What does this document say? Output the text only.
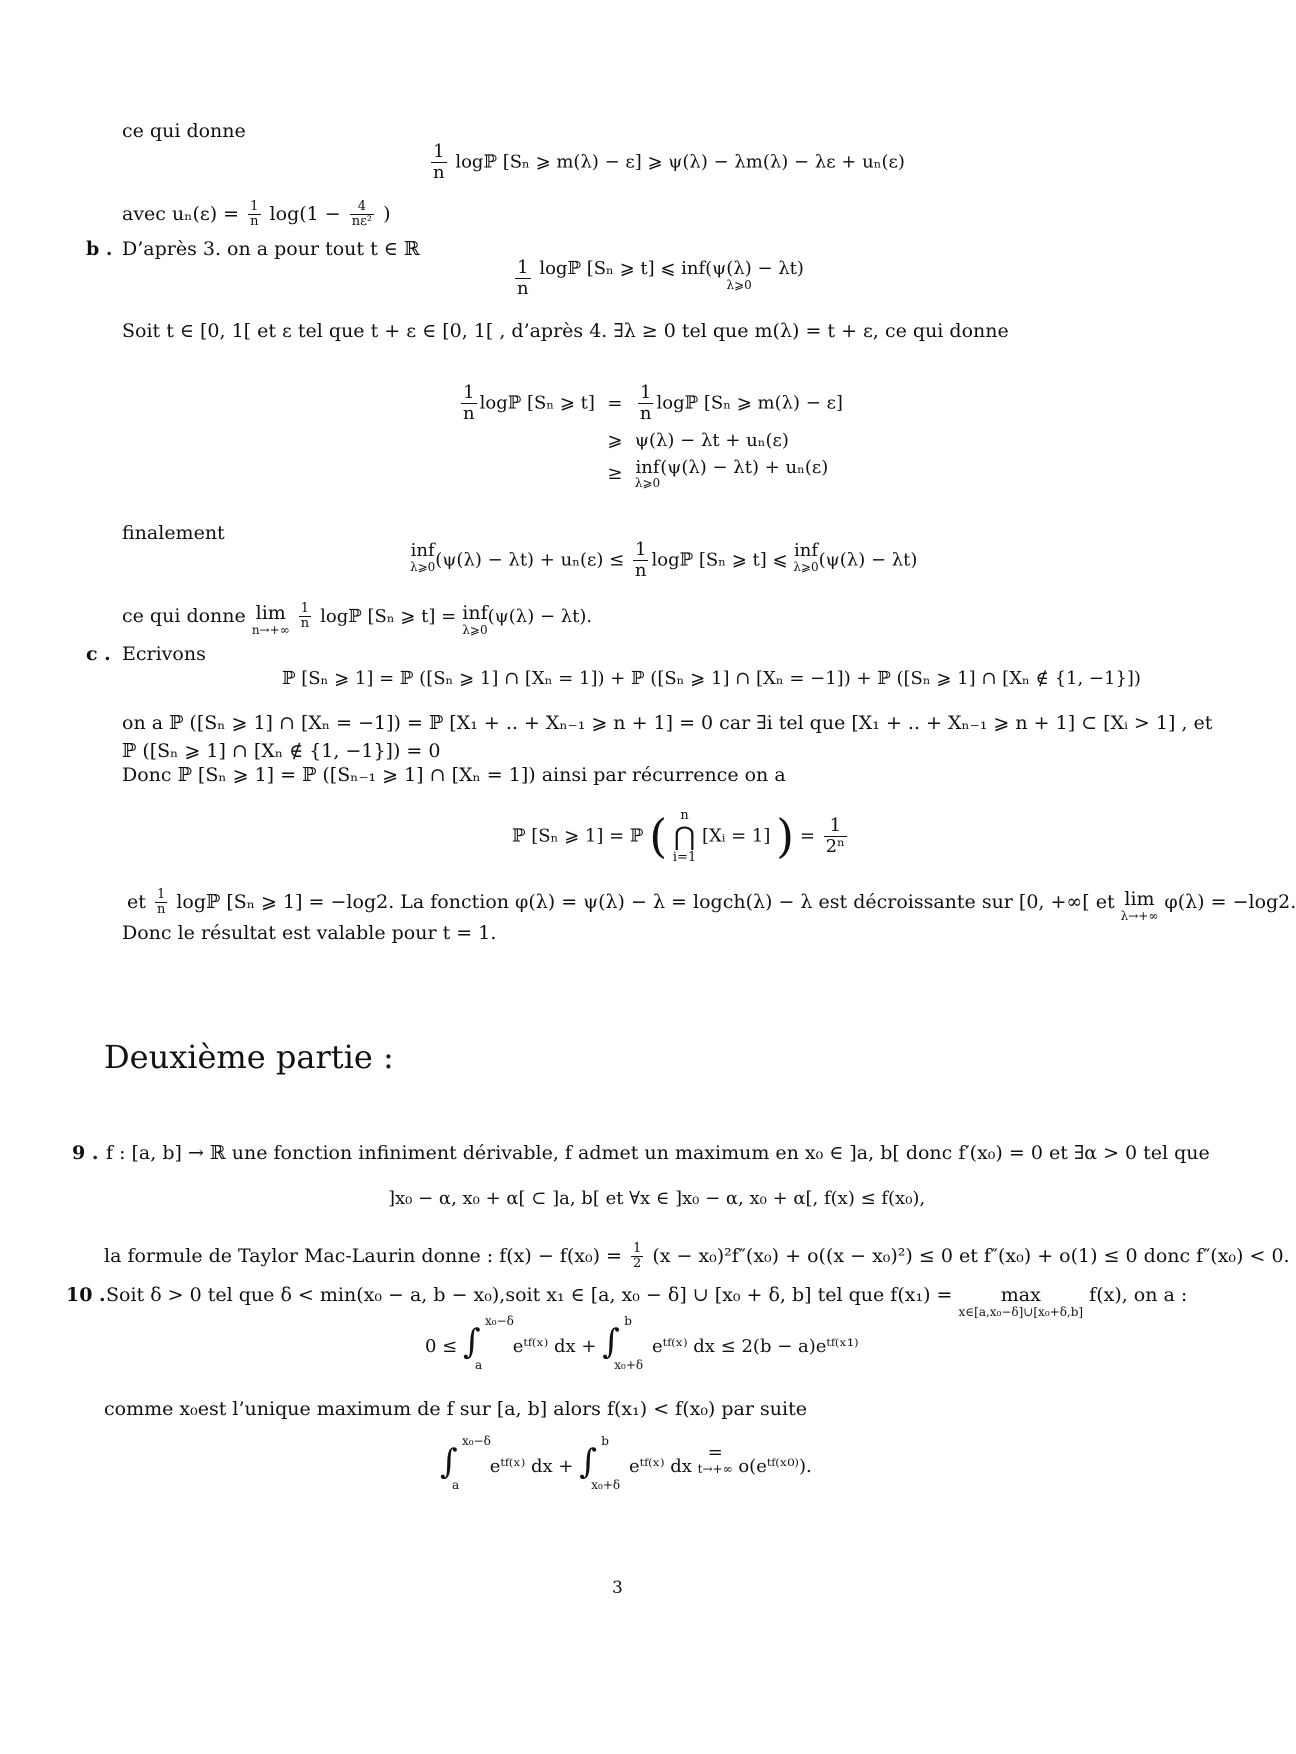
ce qui donne
$\frac{1}{n}$ logℙ [Sₙ ⩾ m(λ) − ε] ⩾ ψ(λ) − λm(λ) − λε + uₙ(ε)
avec $u_n(\varepsilon) = \frac{1}{n} \log(1 - \frac{4}{\text{nε²}}$ )
b . D’après 3. on a pour tout t ∈ ℝ
$\frac{1}{n}$ logℙ [Sₙ ⩾ t] ⩽ inf(ψ(λ) − λt)
λ⩾0
Soit t ∈ [0, 1[ et ε tel que t + ε ∈ [0, 1[ , d’après 4. ∃λ ≥ 0 tel que m(λ) = t + ε, ce qui donne
$\frac{1}{n}$ logℙ [Sₙ ⩾ $t] = \frac{1}{n}$ logℙ [Sₙ ⩾ m(λ) − ε]
⩾ ψ(λ) − λt + uₙ(ε)
≥ inf
λ⩾0
(ψ(λ) − λt) + uₙ(ε)
finalement
inf
λ⩾0 $(\psi(\lambda) - \lambda t) + u_n(\varepsilon) \le \frac{1}{n}$ logℙ [Sₙ ⩾ t] ⩽ inf
λ⩾0 (ψ(λ) − λt)
ce qui donne lim
n→+∞
$\frac{1}{n}$ logℙ [Sₙ ⩾ t] = inf
λ⩾0
(ψ(λ) − λt).
c . Ecrivons
ℙ [Sₙ ⩾ 1] = ℙ ([Sₙ ⩾ 1] ∩ [Xₙ = 1]) + ℙ ([Sₙ ⩾ 1] ∩ [Xₙ = −1]) + ℙ ([Sₙ ⩾ 1] ∩ [Xₙ ∉ {1, −1}])
on a ℙ ([Sₙ ⩾ 1] ∩ [Xₙ = −1]) = ℙ [X₁ + .. + Xₙ₋₁ ⩾ n + 1] = 0 car ∃i tel que [X₁ + .. + Xₙ₋₁ ⩾ n + 1] ⊂ [Xᵢ > 1] , et
ℙ ([Sₙ ⩾ 1] ∩ [Xₙ ∉ {1, −1}]) = 0
Donc ℙ [Sₙ ⩾ 1] = ℙ ([Sₙ₋₁ ⩾ 1] ∩ [Xₙ = 1]) ainsi par récurrence on a
ℙ [Sₙ ⩾ 1] = ℙ (	n
⋂
i=1
[Xᵢ = 1] ) = $\frac{1}{\text{2ⁿ}}$
et $\frac{1}{n}$ logℙ [Sₙ ⩾ 1] = −log2. La fonction φ(λ) = ψ(λ) − λ = logch(λ) − λ est décroissante sur [0, +∞[ et lim
λ→+∞
φ(λ) = −log2.
Donc le résultat est valable pour t = 1.
Deuxième partie :
9 . f : [a, b] → ℝ une fonction infiniment dérivable, f admet un maximum en x₀ ∈ ]a, b[ donc f′(x₀) = 0 et ∃α > 0 tel que
]x₀ − α, x₀ + α[ ⊂ ]a, b[ et ∀x ∈ ]x₀ − α, x₀ + α[, f(x) ≤ f(x₀),
la formule de Taylor Mac-Laurin donne : $f(x) - f(x_0) = \frac{1}{2} (x - x_0)^2f''(x_0) + o((x - x_0)^2) \le 0$ et f″(x₀) + o(1) ≤ 0 donc f″(x₀) < 0.
10 . Soit δ > 0 tel que δ < min(x₀ − a, b − x₀),soit x₁ ∈ [a, x₀ − δ] ∪ [x₀ + δ, b] tel que f(x₁) =	max
x∈[a,x₀−δ]∪[x₀+δ,b]
f(x), on a :
0 ≤ ∫
x₀−δ
a
eᵗᶠ⁽ˣ⁾ dx + ∫
b
x₀+δ
eᵗᶠ⁽ˣ⁾ dx ≤ 2(b − a)eᵗᶠ⁽ˣ¹⁾
comme x₀est l’unique maximum de f sur [a, b] alors f(x₁) < f(x₀) par suite
∫
x₀−δ
a
eᵗᶠ⁽ˣ⁾ dx + ∫
b
x₀+δ
eᵗᶠ⁽ˣ⁾ dx =
t→+∞ o(eᵗᶠ⁽ˣ⁰⁾).
3
